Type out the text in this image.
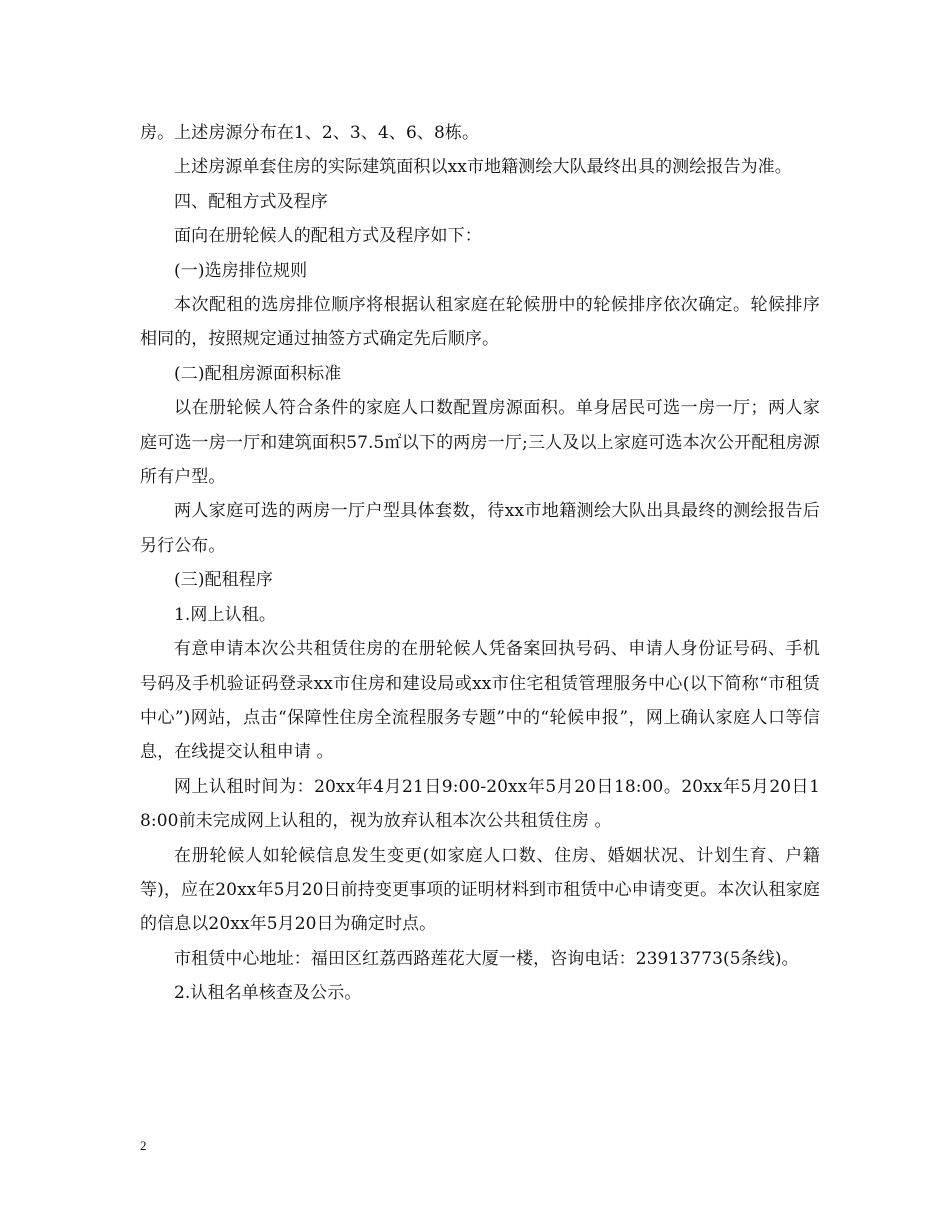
房。上述房源分布在1、2、3、4、6、8栋。

上述房源单套住房的实际建筑面积以xx市地籍测绘大队最终出具的测绘报告为准。

四、配租方式及程序

面向在册轮候人的配租方式及程序如下：

(一)选房排位规则

本次配租的选房排位顺序将根据认租家庭在轮候册中的轮候排序依次确定。轮候排序相同的，按照规定通过抽签方式确定先后顺序。

(二)配租房源面积标准

以在册轮候人符合条件的家庭人口数配置房源面积。单身居民可选一房一厅；两人家庭可选一房一厅和建筑面积57.5㎡以下的两房一厅;三人及以上家庭可选本次公开配租房源所有户型。

两人家庭可选的两房一厅户型具体套数，待xx市地籍测绘大队出具最终的测绘报告后另行公布。

(三)配租程序

1.网上认租。

有意申请本次公共租赁住房的在册轮候人凭备案回执号码、申请人身份证号码、手机号码及手机验证码登录xx市住房和建设局或xx市住宅租赁管理服务中心(以下简称“市租赁中心”)网站，点击“保障性住房全流程服务专题”中的“轮候申报”，网上确认家庭人口等信息，在线提交认租申请 。

网上认租时间为：20xx年4月21日9:00-20xx年5月20日18:00。20xx年5月20日18:00前未完成网上认租的，视为放弃认租本次公共租赁住房 。

在册轮候人如轮候信息发生变更(如家庭人口数、住房、婚姻状况、计划生育、户籍等)，应在20xx年5月20日前持变更事项的证明材料到市租赁中心申请变更。本次认租家庭的信息以20xx年5月20日为确定时点。

市租赁中心地址：福田区红荔西路莲花大厦一楼，咨询电话：23913773(5条线)。

2.认租名单核查及公示。

2
